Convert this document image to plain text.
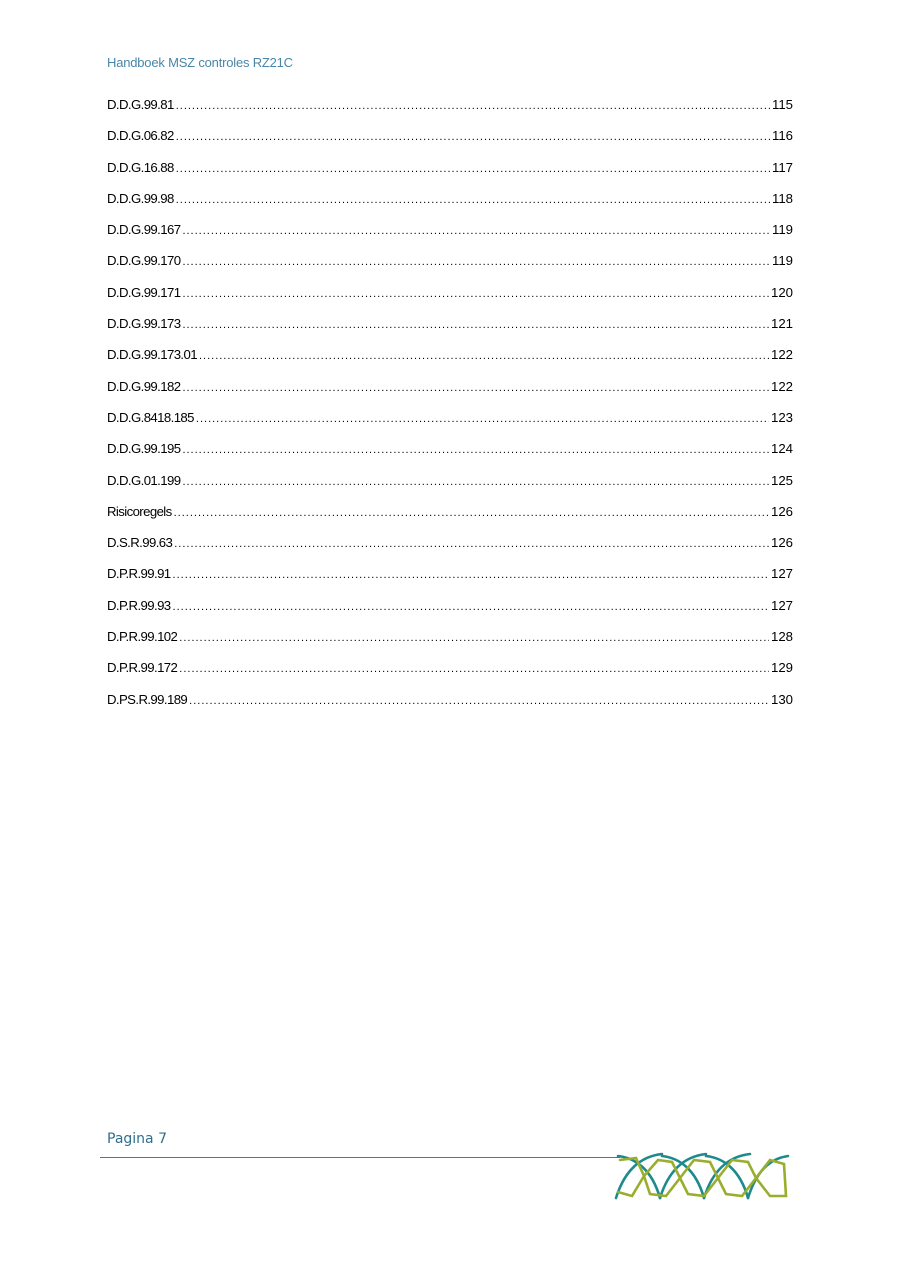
Handboek MSZ controles RZ21C
D.D.G.99.81 .....	115
D.D.G.06.82 .....	116
D.D.G.16.88 .....	117
D.D.G.99.98 .....	118
D.D.G.99.167 .....	119
D.D.G.99.170 .....	119
D.D.G.99.171 .....	120
D.D.G.99.173 .....	121
D.D.G.99.173.01 .....	122
D.D.G.99.182 .....	122
D.D.G.8418.185 .....	123
D.D.G.99.195 .....	124
D.D.G.01.199 .....	125
Risicoregels .....	126
D.S.R.99.63 .....	126
D.P.R.99.91 .....	127
D.P.R.99.93 .....	127
D.P.R.99.102 .....	128
D.P.R.99.172 .....	129
D.PS.R.99.189 .....	130
Pagina 7
